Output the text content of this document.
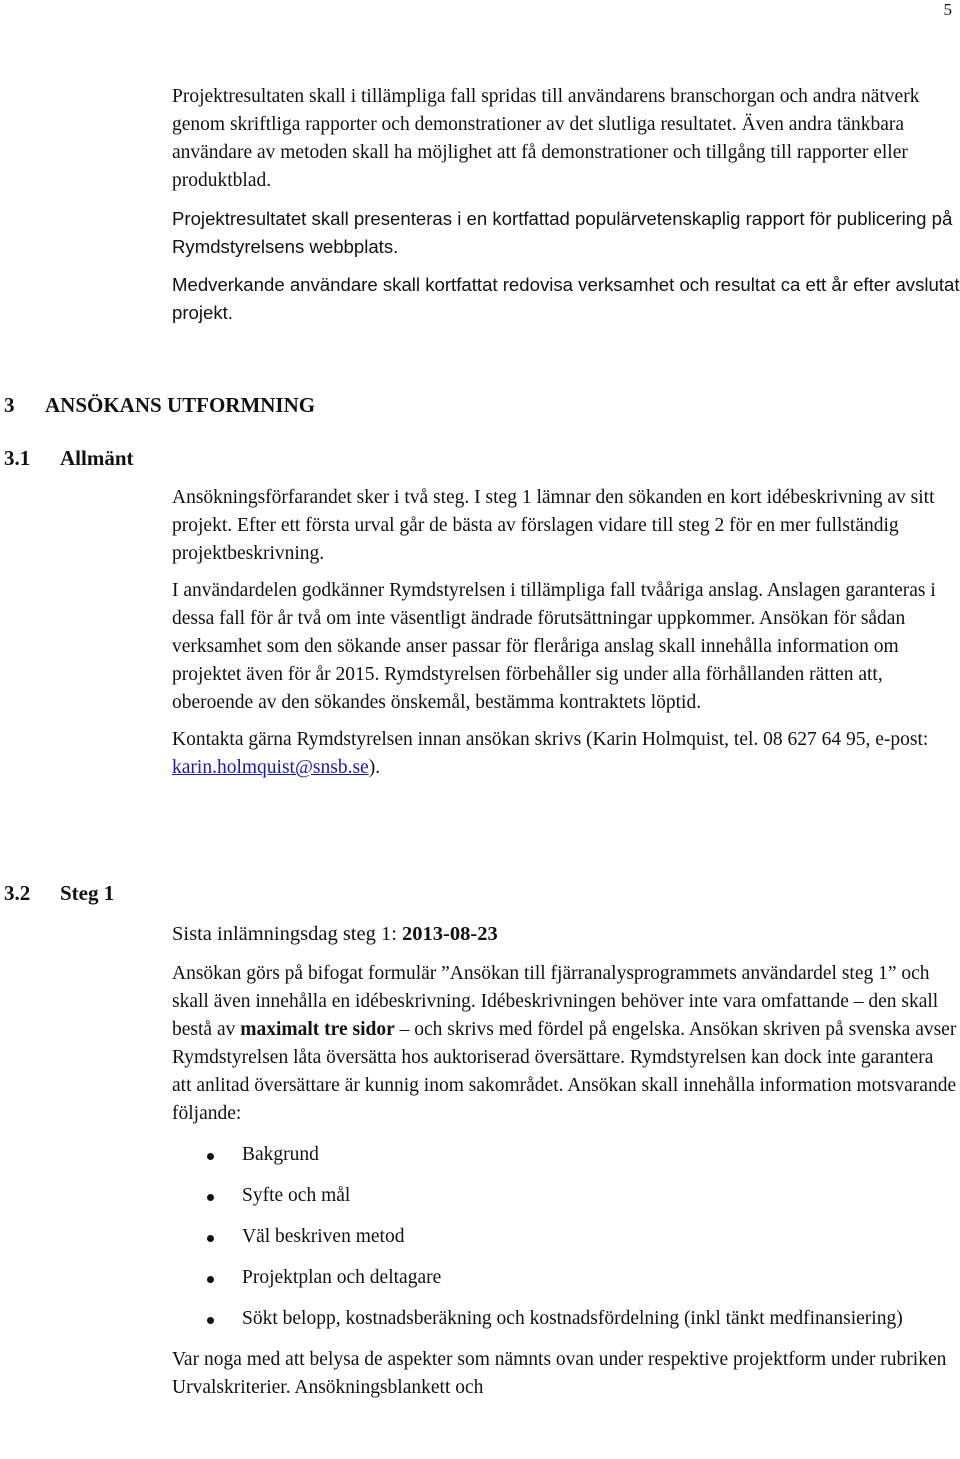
5

Projektresultaten skall i tillämpliga fall spridas till användarens branschorgan och andra nätverk genom skriftliga rapporter och demonstrationer av det slutliga resultatet. Även andra tänkbara användare av metoden skall ha möjlighet att få demonstrationer och tillgång till rapporter eller produktblad.

Projektresultatet skall presenteras i en kortfattad populärvetenskaplig rapport för publicering på Rymdstyrelsens webbplats.

Medverkande användare skall kortfattat redovisa verksamhet och resultat ca ett år efter avslutat projekt.

3 ANSÖKANS UTFORMNING
3.1 Allmänt

Ansökningsförfarandet sker i två steg. I steg 1 lämnar den sökanden en kort idébeskrivning av sitt projekt. Efter ett första urval går de bästa av förslagen vidare till steg 2 för en mer fullständig projektbeskrivning.

I användardelen godkänner Rymdstyrelsen i tillämpliga fall tvååriga anslag. Anslagen garanteras i dessa fall för år två om inte väsentligt ändrade förutsättningar uppkommer. Ansökan för sådan verksamhet som den sökande anser passar för fleråriga anslag skall innehålla information om projektet även för år 2015. Rymdstyrelsen förbehåller sig under alla förhållanden rätten att, oberoende av den sökandes önskemål, bestämma kontraktets löptid.

Kontakta gärna Rymdstyrelsen innan ansökan skrivs (Karin Holmquist, tel. 08 627 64 95, e-post: karin.holmquist@snsb.se).

3.2 Steg 1

Sista inlämningsdag steg 1: 2013-08-23

Ansökan görs på bifogat formulär ”Ansökan till fjärranalysprogrammets användardel steg 1” och skall även innehålla en idébeskrivning. Idébeskrivningen behöver inte vara omfattande – den skall bestå av maximalt tre sidor – och skrivs med fördel på engelska. Ansökan skriven på svenska avser Rymdstyrelsen låta översätta hos auktoriserad översättare. Rymdstyrelsen kan dock inte garantera att anlitad översättare är kunnig inom sakområdet. Ansökan skall innehålla information motsvarande följande:

Bakgrund
Syfte och mål
Väl beskriven metod
Projektplan och deltagare
Sökt belopp, kostnadsberäkning och kostnadsfördelning (inkl tänkt medfinansiering)

Var noga med att belysa de aspekter som nämnts ovan under respektive projektform under rubriken Urvalskriterier. Ansökningsblankett och
